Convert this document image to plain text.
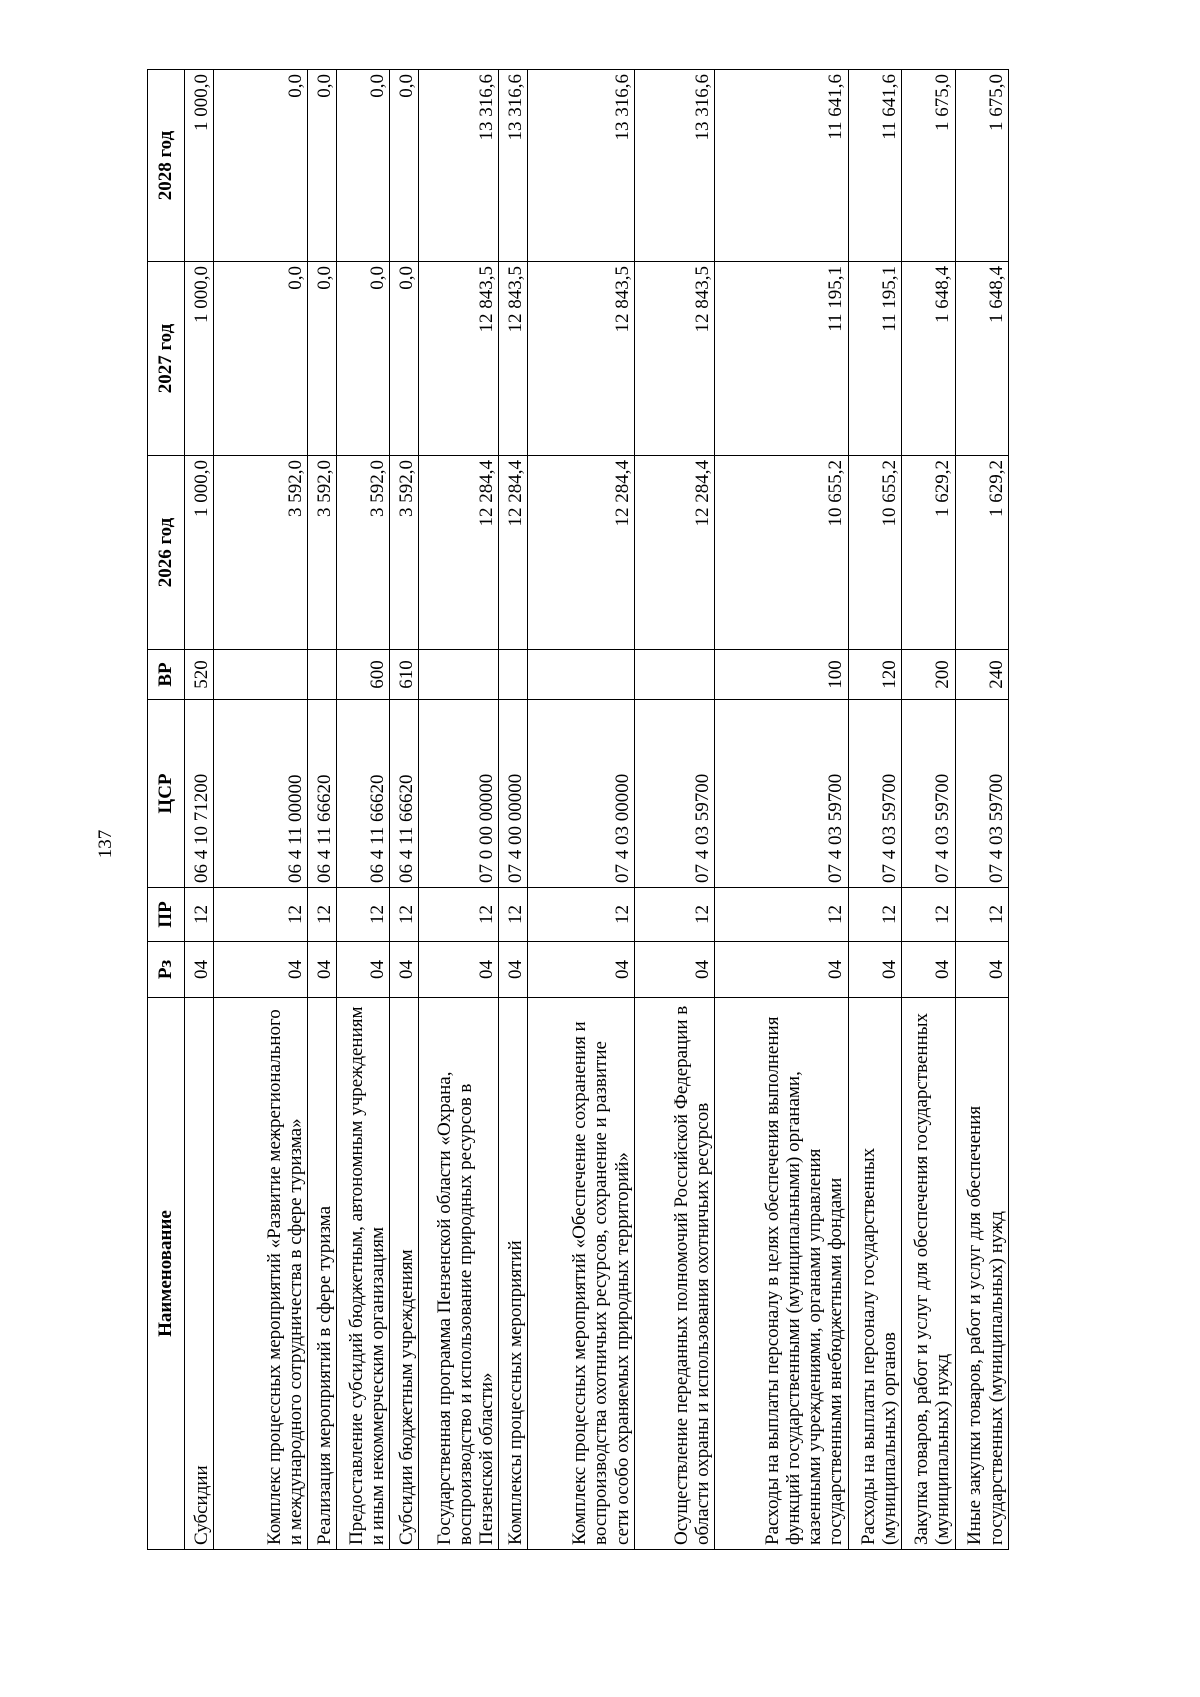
137
Наименование	Рз	ПР	ЦСР	ВР	2026 год	2027 год	2028 год
Субсидии	04	12	06 4 10 71200	520	1 000,0	1 000,0	1 000,0
Комплекс процессных мероприятий «Развитие межрегионального и международного сотрудничества в сфере туризма»	04	12	06 4 11 00000		3 592,0	0,0	0,0
Реализация мероприятий в сфере туризма	04	12	06 4 11 66620		3 592,0	0,0	0,0
Предоставление субсидий бюджетным, автономным учреждениям и иным некоммерческим организациям	04	12	06 4 11 66620	600	3 592,0	0,0	0,0
Субсидии бюджетным учреждениям	04	12	06 4 11 66620	610	3 592,0	0,0	0,0
Государственная программа Пензенской области «Охрана, воспроизводство и использование природных ресурсов в Пензенской области»	04	12	07 0 00 00000		12 284,4	12 843,5	13 316,6
Комплексы процессных мероприятий	04	12	07 4 00 00000		12 284,4	12 843,5	13 316,6
Комплекс процессных мероприятий «Обеспечение сохранения и воспроизводства охотничьих ресурсов, сохранение и развитие сети особо охраняемых природных территорий»	04	12	07 4 03 00000		12 284,4	12 843,5	13 316,6
Осуществление переданных полномочий Российской Федерации в области охраны и использования охотничьих ресурсов	04	12	07 4 03 59700		12 284,4	12 843,5	13 316,6
Расходы на выплаты персоналу в целях обеспечения выполнения функций государственными (муниципальными) органами, казенными учреждениями, органами управления государственными внебюджетными фондами	04	12	07 4 03 59700	100	10 655,2	11 195,1	11 641,6
Расходы на выплаты персоналу государственных (муниципальных) органов	04	12	07 4 03 59700	120	10 655,2	11 195,1	11 641,6
Закупка товаров, работ и услуг для обеспечения государственных (муниципальных) нужд	04	12	07 4 03 59700	200	1 629,2	1 648,4	1 675,0
Иные закупки товаров, работ и услуг для обеспечения государственных (муниципальных) нужд	04	12	07 4 03 59700	240	1 629,2	1 648,4	1 675,0
